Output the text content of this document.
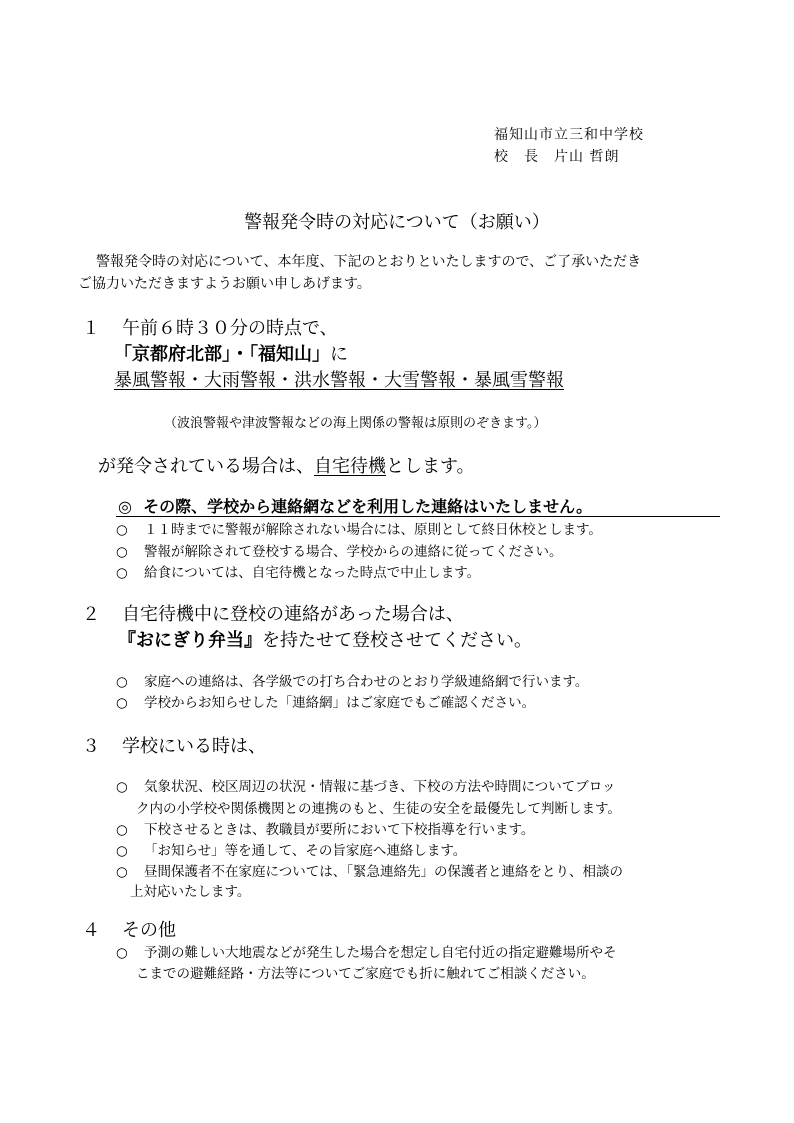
福知山市立三和中学校
校　長　片山 哲朗
警報発令時の対応について（お願い）
警報発令時の対応について、本年度、下記のとおりといたしますので、ご了承いただき
ご協力いただきますようお願い申しあげます。
１ 午前６時３０分の時点で、
「京都府北部」・「福知山」に
暴風警報・大雨警報・洪水警報・大雪警報・暴風雪警報
（波浪警報や津波警報などの海上関係の警報は原則のぞきます。）
が発令されている場合は、自宅待機とします。
◎ その際、学校から連絡網などを利用した連絡はいたしません。
○ １１時までに警報が解除されない場合には、原則として終日休校とします。
○ 警報が解除されて登校する場合、学校からの連絡に従ってください。
○ 給食については、自宅待機となった時点で中止します。
２ 自宅待機中に登校の連絡があった場合は、
『おにぎり弁当』を持たせて登校させてください。
○ 家庭への連絡は、各学級での打ち合わせのとおり学級連絡網で行います。
○ 学校からお知らせした「連絡網」はご家庭でもご確認ください。
３ 学校にいる時は、
○ 気象状況、校区周辺の状況・情報に基づき、下校の方法や時間についてブロッ
ク内の小学校や関係機関との連携のもと、生徒の安全を最優先して判断します。
○ 下校させるときは、教職員が要所において下校指導を行います。
○ 「お知らせ」等を通して、その旨家庭へ連絡します。
○ 昼間保護者不在家庭については、「緊急連絡先」の保護者と連絡をとり、相談の
上対応いたします。
４ その他
○ 予測の難しい大地震などが発生した場合を想定し自宅付近の指定避難場所やそ
こまでの避難経路・方法等についてご家庭でも折に触れてご相談ください。
